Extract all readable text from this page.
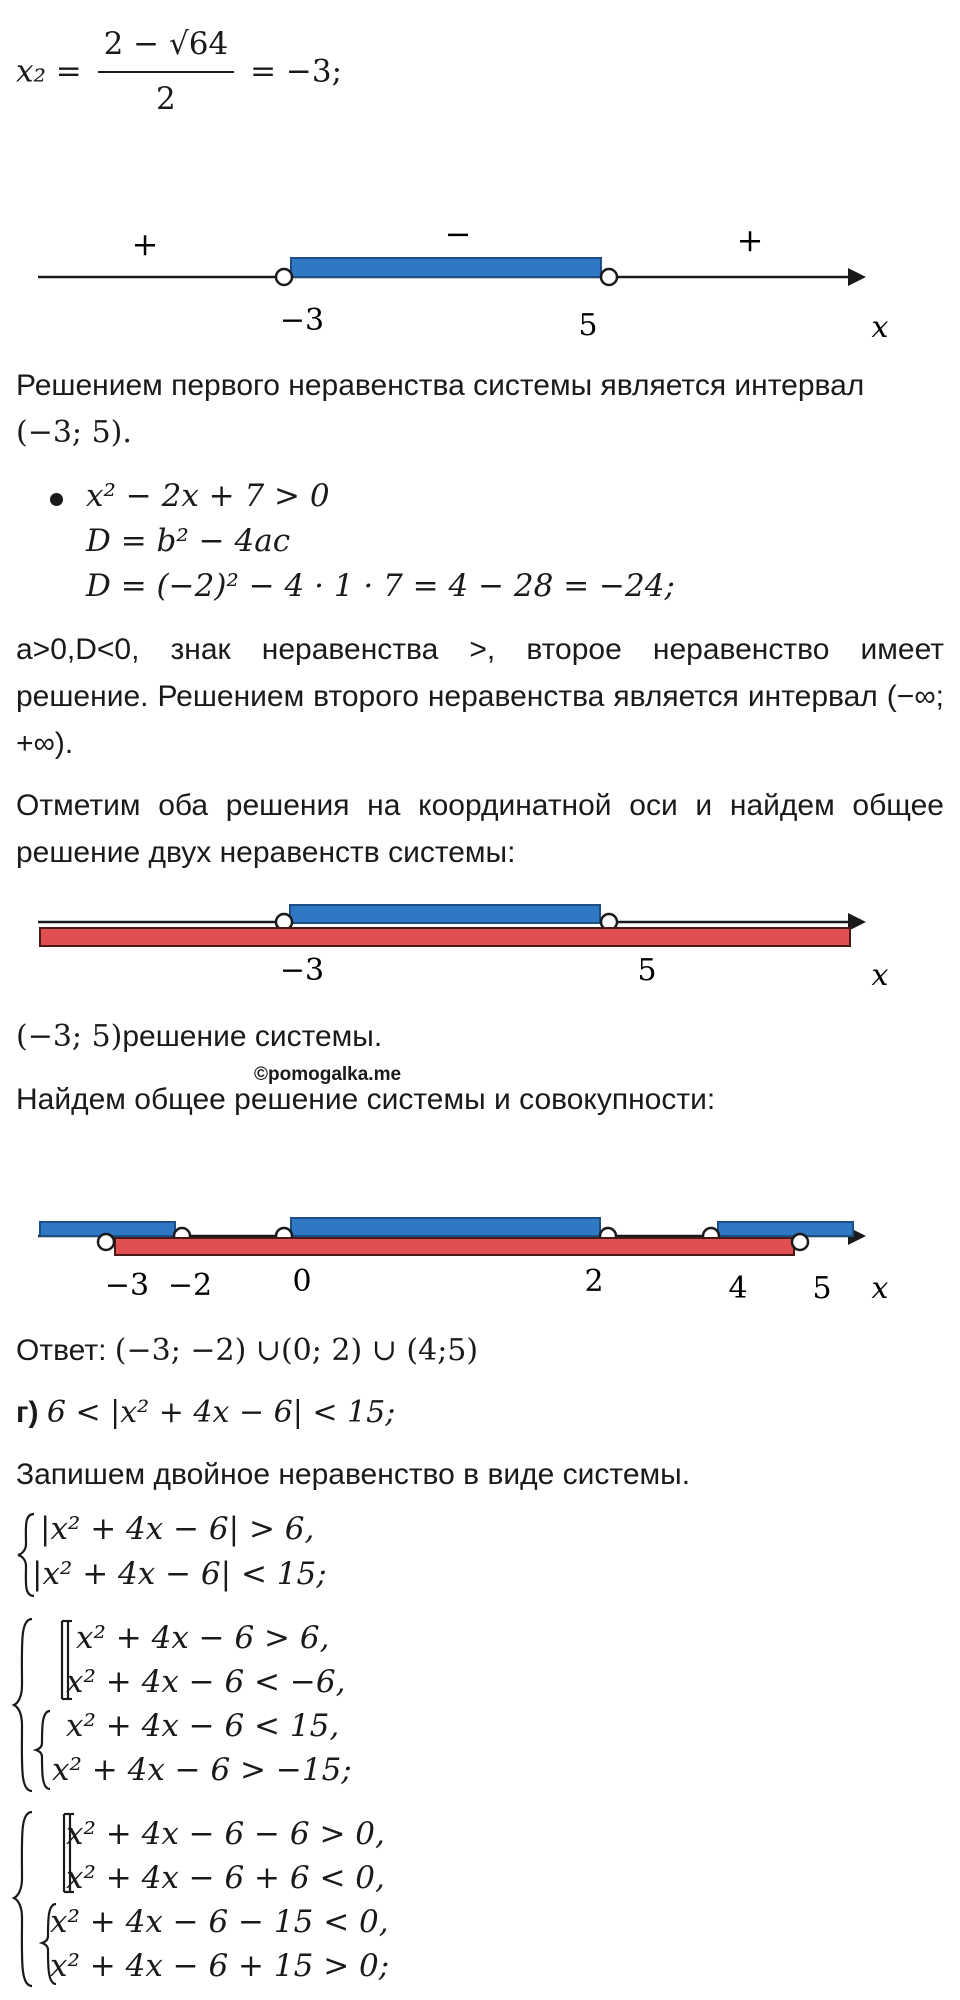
$x_2 = \frac{2 - √64}{2} = -3$;
+	−	+
−3	5	x
Решением первого неравенства системы является интервал
(−3; 5).
x² − 2x + 7 > 0
D = b² − 4ac
D = (−2)² − 4 · 1 · 7 = 4 − 28 = −24;
a>0,D<0, знак неравенства >, второе неравенство имеет решение. Решением второго неравенства является интервал (−∞; +∞).
Отметим оба решения на координатной оси и найдем общее решение двух неравенств системы:
−3	5	x
(−3; 5)решение системы.
©pomogalka.me
Найдем общее решение системы и совокупности:
−3 −2	0	2	4 5 x
Ответ: (−3; −2) ∪(0; 2) ∪ (4;5)
г) 6 < |x² + 4x − 6| < 15;
Запишем двойное неравенство в виде системы.
|x² + 4x − 6| > 6,
|x² + 4x − 6| < 15;
x² + 4x − 6 > 6,
x² + 4x − 6 < −6,
x² + 4x − 6 < 15,
x² + 4x − 6 > −15;
x² + 4x − 6 − 6 > 0,
x² + 4x − 6 + 6 < 0,
x² + 4x − 6 − 15 < 0,
x² + 4x − 6 + 15 > 0;
